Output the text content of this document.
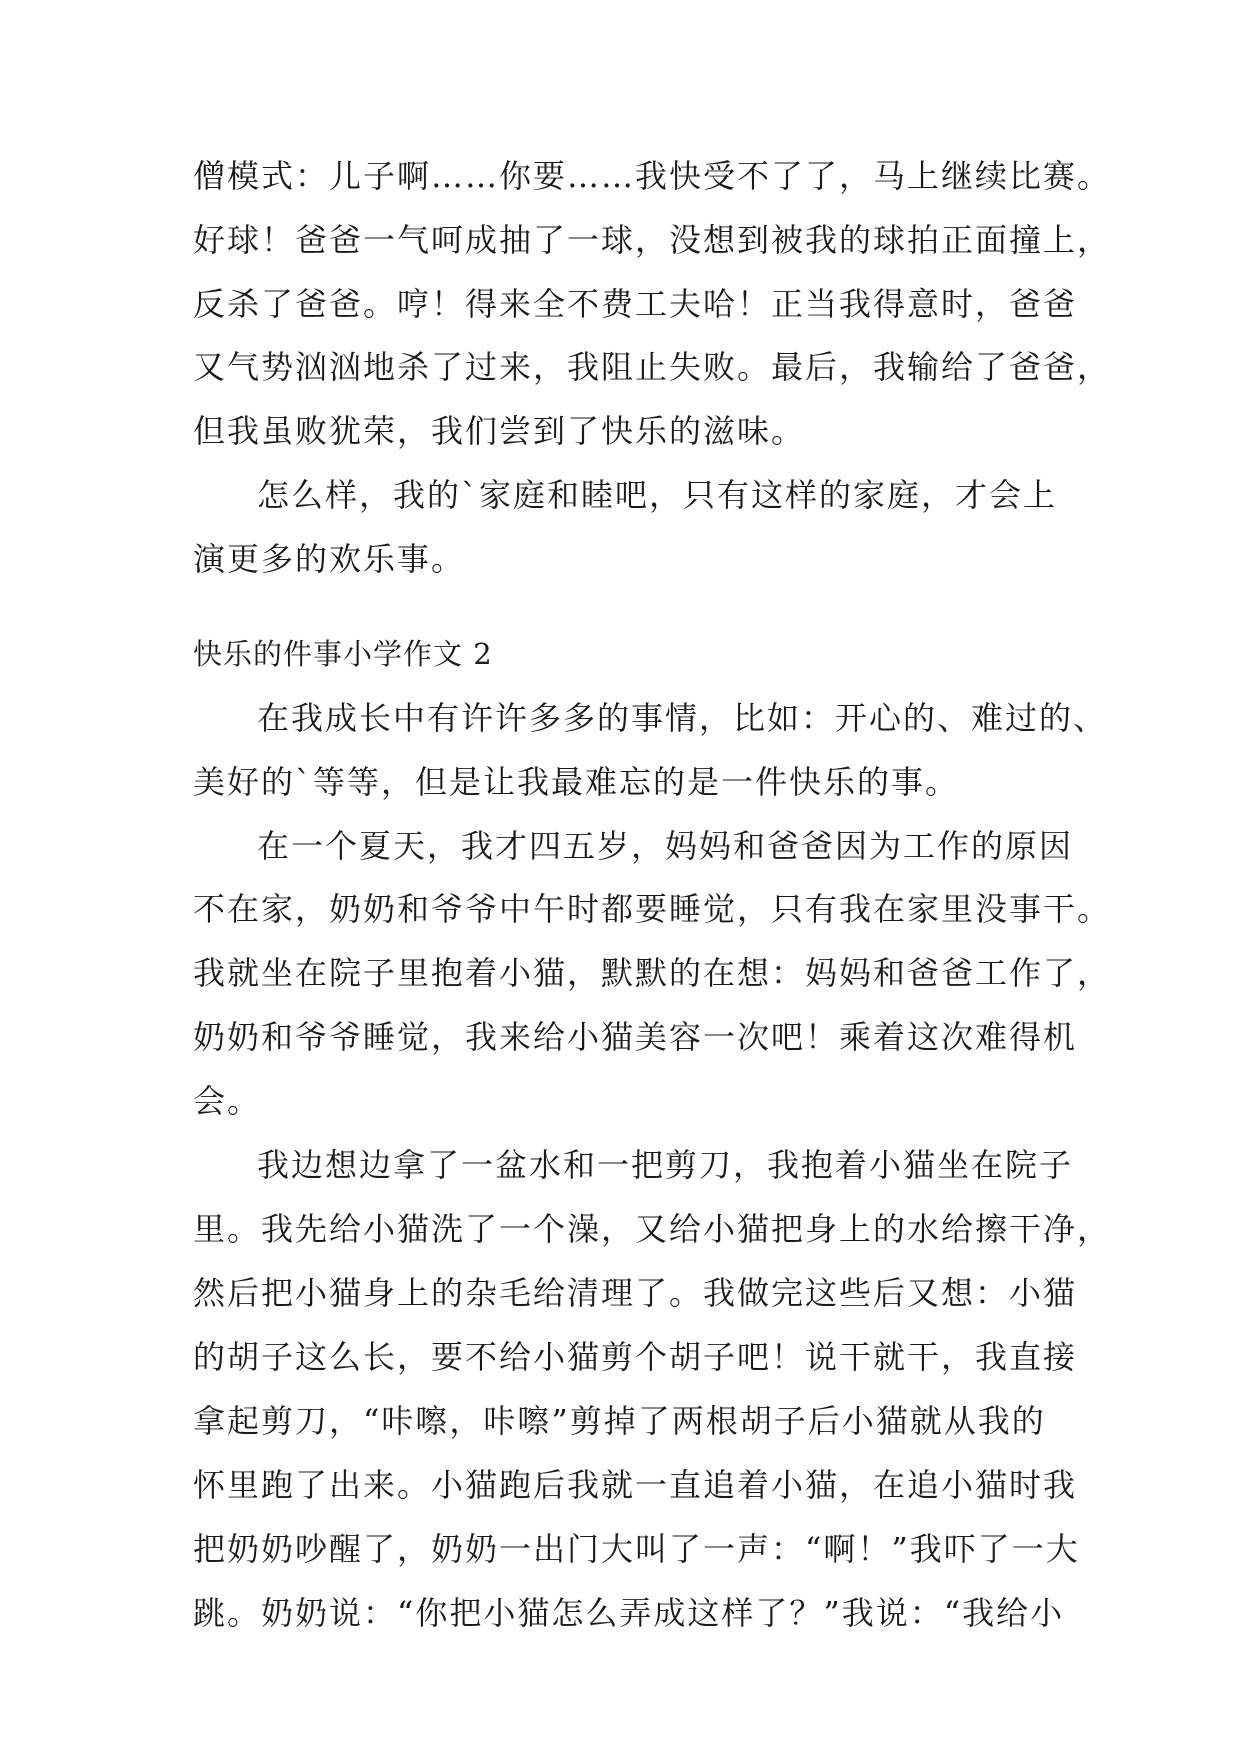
僧模式：儿子啊……你要……我快受不了了，马上继续比赛。
好球！爸爸一气呵成抽了一球，没想到被我的球拍正面撞上，
反杀了爸爸。哼！得来全不费工夫哈！正当我得意时，爸爸
又气势汹汹地杀了过来，我阻止失败。最后，我输给了爸爸，
但我虽败犹荣，我们尝到了快乐的滋味。
怎么样，我的`家庭和睦吧，只有这样的家庭，才会上
演更多的欢乐事。
快乐的件事小学作文 2
在我成长中有许许多多的事情，比如：开心的、难过的、
美好的`等等，但是让我最难忘的是一件快乐的事。
在一个夏天，我才四五岁，妈妈和爸爸因为工作的原因
不在家，奶奶和爷爷中午时都要睡觉，只有我在家里没事干。
我就坐在院子里抱着小猫，默默的在想：妈妈和爸爸工作了，
奶奶和爷爷睡觉，我来给小猫美容一次吧！乘着这次难得机
会。
我边想边拿了一盆水和一把剪刀，我抱着小猫坐在院子
里。我先给小猫洗了一个澡，又给小猫把身上的水给擦干净，
然后把小猫身上的杂毛给清理了。我做完这些后又想：小猫
的胡子这么长，要不给小猫剪个胡子吧！说干就干，我直接
拿起剪刀，“咔嚓，咔嚓”剪掉了两根胡子后小猫就从我的
怀里跑了出来。小猫跑后我就一直追着小猫，在追小猫时我
把奶奶吵醒了，奶奶一出门大叫了一声：“啊！”我吓了一大
跳。奶奶说：“你把小猫怎么弄成这样了？”我说：“我给小
